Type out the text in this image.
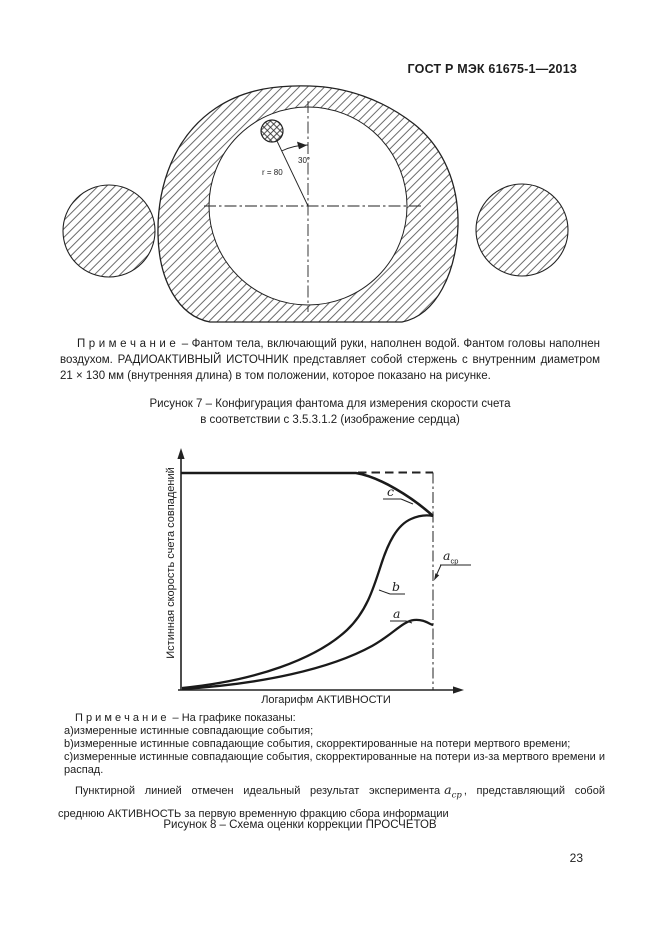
ГОСТ Р МЭК 61675-1—2013
30°
r = 80

П р и м е ч а н и е – Фантом тела, включающий руки, наполнен водой. Фантом головы наполнен воздухом. РАДИОАКТИВНЫЙ ИСТОЧНИК представляет собой стержень с внутренним диаметром 21 × 130 мм (внутренняя длина) в том положении, которое показано на рисунке.

Рисунок 7 – Конфигурация фантома для измерения скорости счета
в соответствии с 3.5.3.1.2 (изображение сердца)
c
b
a
$a_{ср}$
Истинная скорость счета совпадений
Логарифм АКТИВНОСТИ

П р и м е ч а н и е – На графике показаны:

a)измеренные истинные совпадающие события;

b)измеренные истинные совпадающие события, скорректированные на потери мертвого времени;

с)измеренные истинные совпадающие события, скорректированные на потери из-за мертвого времени и распад.

Пунктирной линией отмечен идеальный результат эксперимента $a_{ср}$ , представляющий собой среднюю АКТИВНОСТЬ за первую временную фракцию сбора информации

Рисунок 8 – Схема оценки коррекции ПРОСЧЕТОВ
23
